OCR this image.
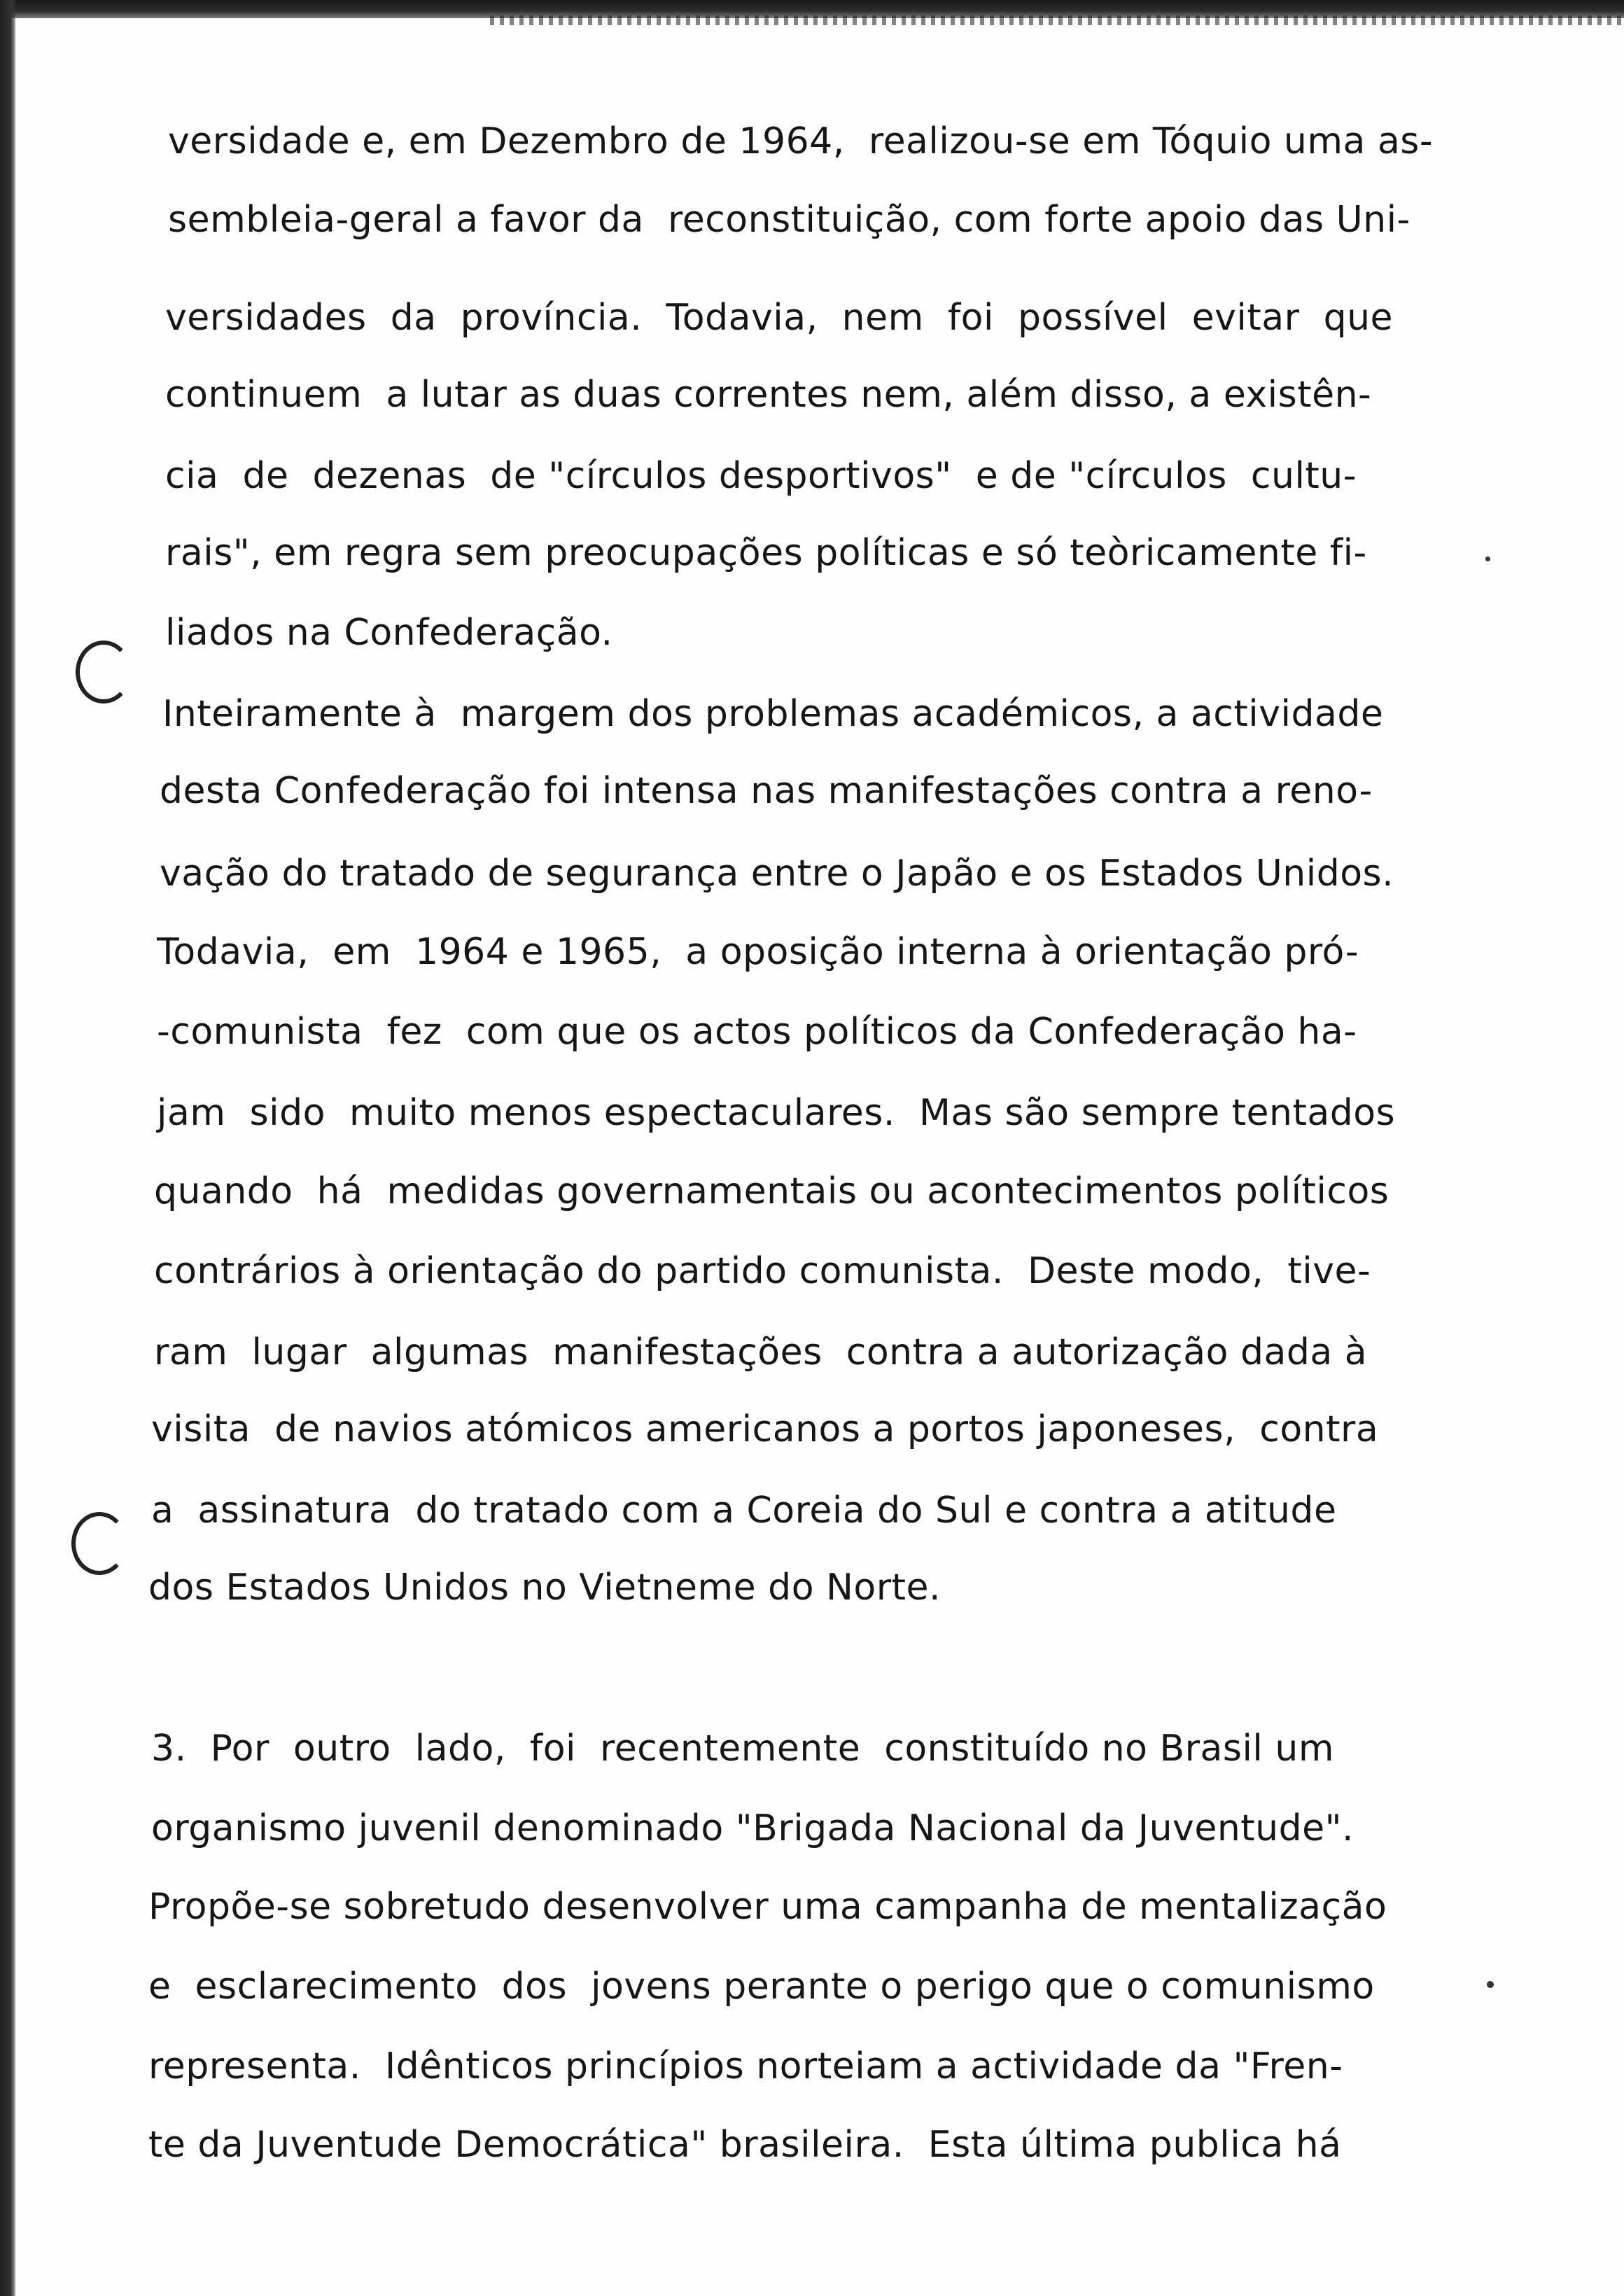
versidade e, em Dezembro de 1964,  realizou-se em Tóquio uma as-
sembleia-geral a favor da  reconstituição, com forte apoio das Uni-
versidades  da  província.  Todavia,  nem  foi  possível  evitar  que
continuem  a lutar as duas correntes nem, além disso, a existên-
cia  de  dezenas  de "círculos desportivos"  e de "círculos  cultu-
rais", em regra sem preocupações políticas e só teòricamente fi-
liados na Confederação.
Inteiramente à  margem dos problemas académicos, a actividade
desta Confederação foi intensa nas manifestações contra a reno-
vação do tratado de segurança entre o Japão e os Estados Unidos.
Todavia,  em  1964 e 1965,  a oposição interna à orientação pró-
-comunista  fez  com que os actos políticos da Confederação ha-
jam  sido  muito menos espectaculares.  Mas são sempre tentados
quando  há  medidas governamentais ou acontecimentos políticos
contrários à orientação do partido comunista.  Deste modo,  tive-
ram  lugar  algumas  manifestações  contra a autorização dada à
visita  de navios atómicos americanos a portos japoneses,  contra
a  assinatura  do tratado com a Coreia do Sul e contra a atitude
dos Estados Unidos no Vietneme do Norte.
3.  Por  outro  lado,  foi  recentemente  constituído no Brasil um
organismo juvenil denominado "Brigada Nacional da Juventude".
Propõe-se sobretudo desenvolver uma campanha de mentalização
e  esclarecimento  dos  jovens perante o perigo que o comunismo
representa.  Idênticos princípios norteiam a actividade da "Fren-
te da Juventude Democrática" brasileira.  Esta última publica há
